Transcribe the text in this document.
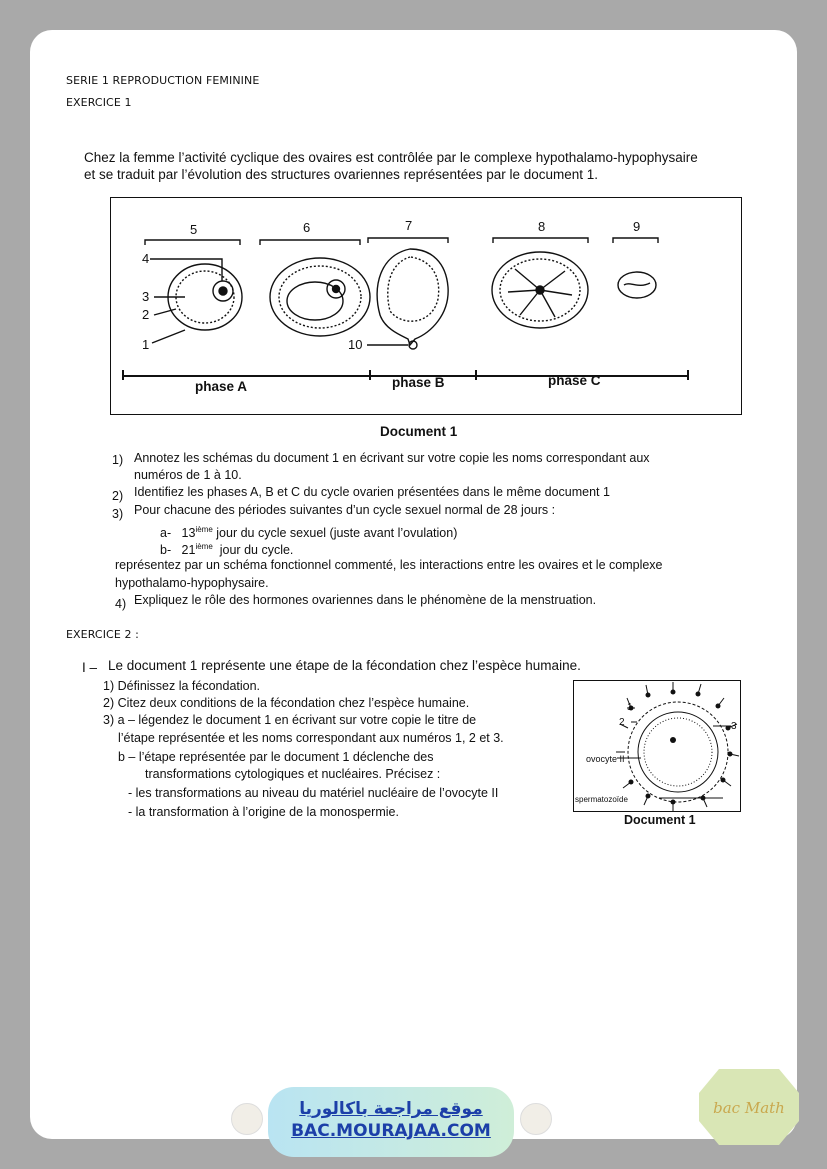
SERIE 1 REPRODUCTION FEMININE
EXERCICE 1
Chez la femme l’activité cyclique des ovaires est contrôlée par le complexe hypothalamo-hypophysaire
et se traduit par l’évolution des structures ovariennes représentées par le document 1.
5	6	7	8	9
4
3
2
1	10
phase A	phase B	phase C
Document 1
1) Annotez les schémas du document 1 en écrivant sur votre copie les noms correspondant aux
numéros de 1 à 10.
2) Identifiez les phases A, B et C du cycle ovarien présentées dans le même document 1
3) Pour chacune des périodes suivantes d’un cycle sexuel normal de 28 jours :
a- 13ième jour du cycle sexuel (juste avant l’ovulation)
b- 21ième jour du cycle.
représentez par un schéma fonctionnel commenté, les interactions entre les ovaires et le complexe
hypothalamo-hypophysaire.
4) Expliquez le rôle des hormones ovariennes dans le phénomène de la menstruation.
EXERCICE 2 :
I – Le document 1 représente une étape de la fécondation chez l’espèce humaine.
1) Définissez la fécondation.
2) Citez deux conditions de la fécondation chez l’espèce humaine.
3) a – légendez le document 1 en écrivant sur votre copie le titre de
l’étape représentée et les noms correspondant aux numéros 1, 2 et 3.
b – l’étape représentée par le document 1 déclenche des
transformations cytologiques et nucléaires. Précisez :
- les transformations au niveau du matériel nucléaire de l’ovocyte II
- la transformation à l’origine de la monospermie.
1
2	3
ovocyte II
spermatozoïde
Document 1
موقع مراجعة باكالوريا
BAC.MOURAJAA.COM
bac Math
